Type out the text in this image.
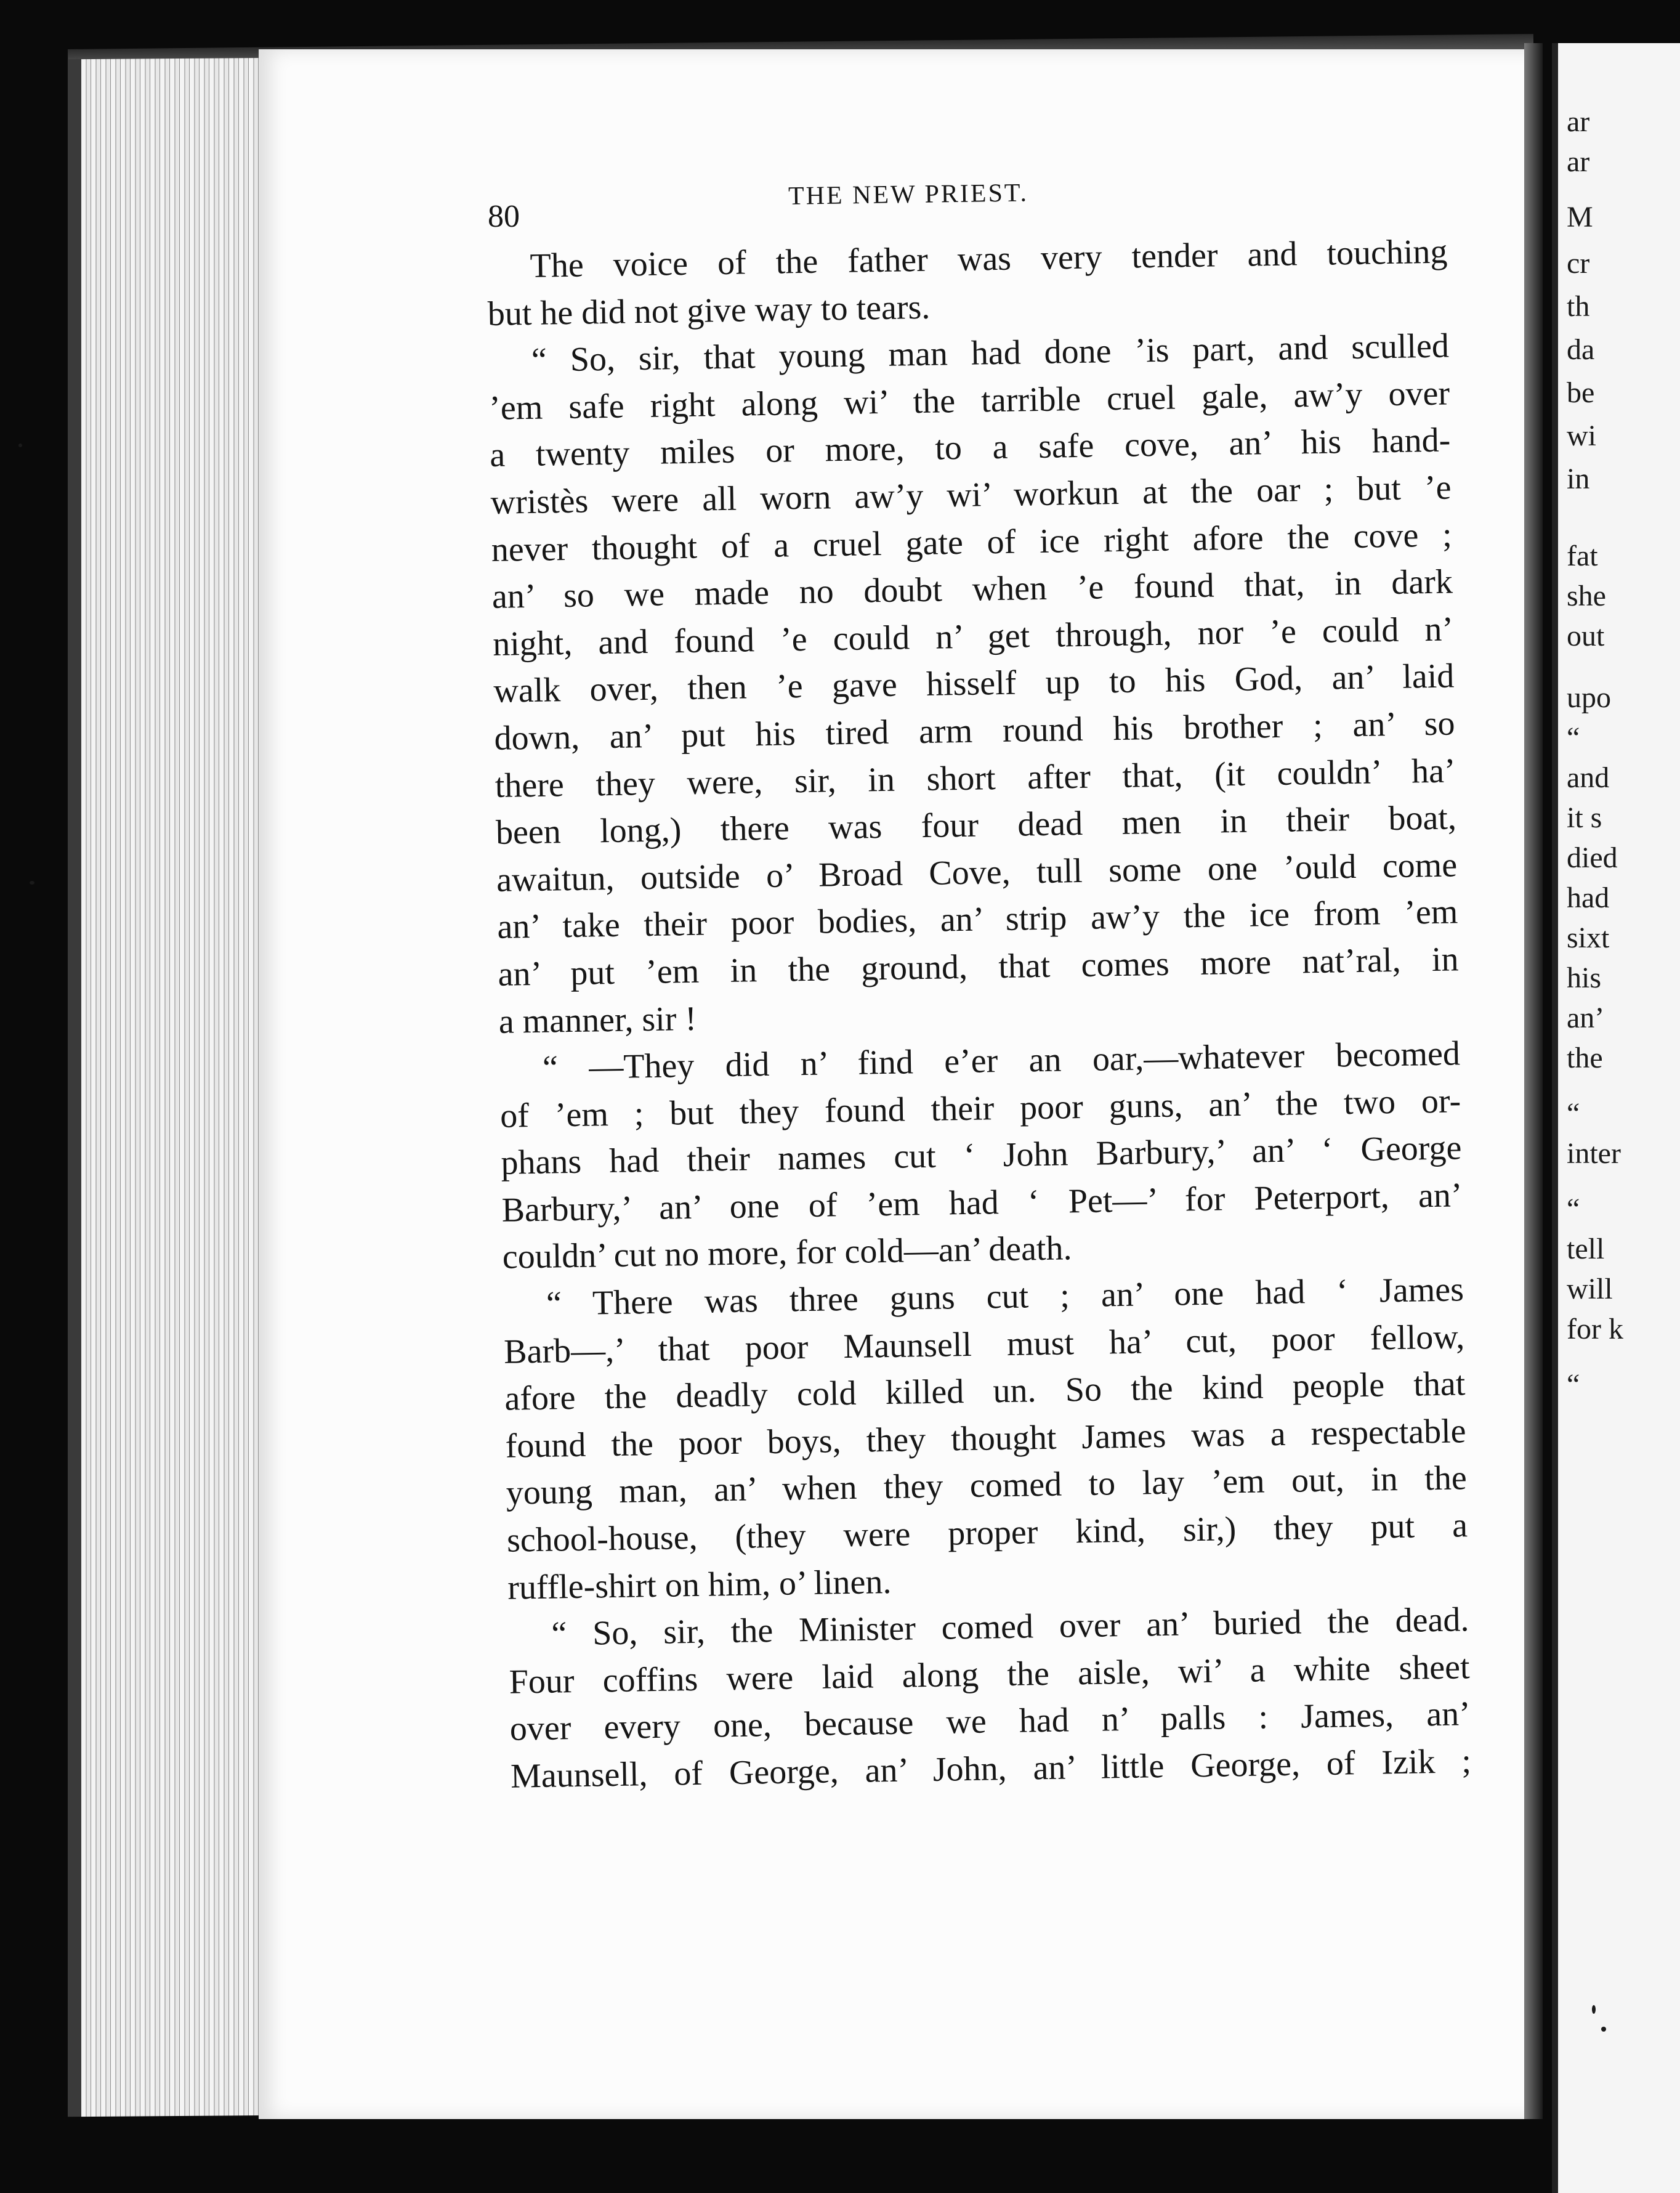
THE NEW PRIEST.
80
The voice of the father was very tender and touching
but he did not give way to tears.
“ So, sir, that young man had done ’is part, and sculled
’em safe right along wi’ the tarrible cruel gale, aw’y over
a twenty miles or more, to a safe cove, an’ his hand-
wristès were all worn aw’y wi’ workun at the oar ; but ’e
never thought of a cruel gate of ice right afore the cove ;
an’ so we made no doubt when ’e found that, in dark
night, and found ’e could n’ get through, nor ’e could n’
walk over, then ’e gave hisself up to his God, an’ laid
down, an’ put his tired arm round his brother ; an’ so
there they were, sir, in short after that, (it couldn’ ha’
been long,) there was four dead men in their boat,
awaitun, outside o’ Broad Cove, tull some one ’ould come
an’ take their poor bodies, an’ strip aw’y the ice from ’em
an’ put ’em in the ground, that comes more nat’ral, in
a manner, sir !
“ —They did n’ find e’er an oar,—whatever becomed
of ’em ; but they found their poor guns, an’ the two or-
phans had their names cut ‘ John Barbury,’ an’ ‘ George
Barbury,’ an’ one of ’em had ‘ Pet—’ for Peterport, an’
couldn’ cut no more, for cold—an’ death.
“ There was three guns cut ; an’ one had ‘ James
Barb—,’ that poor Maunsell must ha’ cut, poor fellow,
afore the deadly cold killed un. So the kind people that
found the poor boys, they thought James was a respectable
young man, an’ when they comed to lay ’em out, in the
school-house, (they were proper kind, sir,) they put a
ruffle-shirt on him, o’ linen.
“ So, sir, the Minister comed over an’ buried the dead.
Four coffins were laid along the aisle, wi’ a white sheet
over every one, because we had n’ palls : James, an’
Maunsell, of George, an’ John, an’ little George, of Izik ;
ar
ar
M
cr
th
da
be
wi
in
fat
she
out
upo
“
and
it s
died
had
sixt
his
an’
the
“
inter
“
tell
will
for k
“
